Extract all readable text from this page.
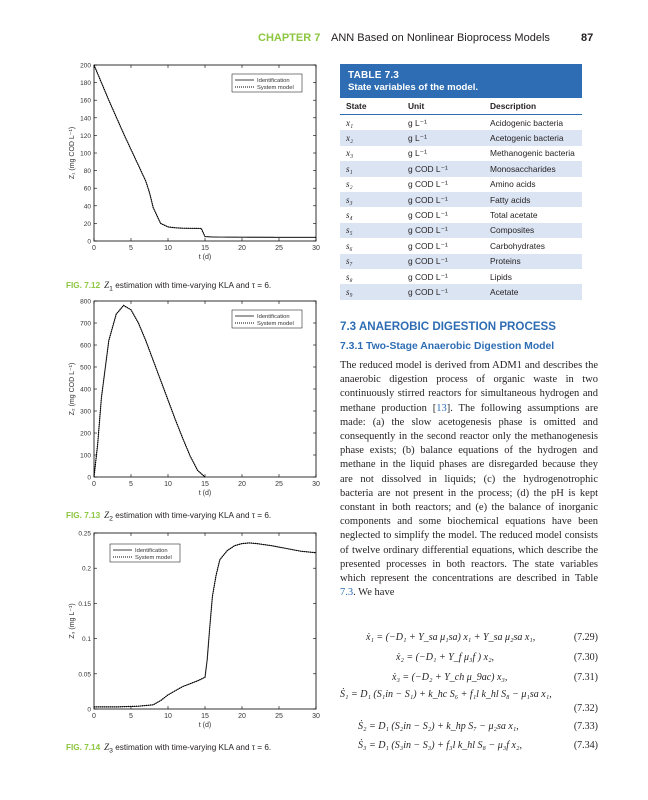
CHAPTER 7 ANN Based on Nonlinear Bioprocess Models	87
0	5	10	15	20	25	30
0
20
40
60
80
100
120
140
160
180
200
t (d)
Z₁ (mg COD L⁻¹)
Identification
System model
FIG. 7.12 $Z_1$ estimation with time-varying KLA and τ = 6.
0	5	10	15	20	25	30
0
100
200
300
400
500
600
700
800
t (d)
Z₂ (mg COD L⁻¹)
Identification
System model
FIG. 7.13 $Z_2$ estimation with time-varying KLA and τ = 6.
0	5	10	15	20	25	30
0
0.05
0.1
0.15
0.2
0.25
t (d)
Z₃ (mg L⁻¹)
Identification
System model
FIG. 7.14 $Z_3$ estimation with time-varying KLA and τ = 6.
TABLE 7.3
State variables of the model.
State	Unit	Description
x₁	g L⁻¹	Acidogenic bacteria
x₂	g L⁻¹	Acetogenic bacteria
x₃	g L⁻¹	Methanogenic bacteria
s₁	g COD L⁻¹	Monosaccharides
s₂	g COD L⁻¹	Amino acids
s₃	g COD L⁻¹	Fatty acids
s₄	g COD L⁻¹	Total acetate
s₅	g COD L⁻¹	Composites
s₆	g COD L⁻¹	Carbohydrates
s₇	g COD L⁻¹	Proteins
s₈	g COD L⁻¹	Lipids
s₉	g COD L⁻¹	Acetate
7.3 ANAEROBIC DIGESTION PROCESS
7.3.1 Two-Stage Anaerobic Digestion Model
The reduced model is derived from ADM1 and describes the anaerobic digestion process of organic waste in two continuously stirred reactors for simultaneous hydrogen and methane production [13]. The following assumptions are made: (a) the slow acetogenesis phase is omitted and consequently in the second reactor only the methanogenesis phase exists; (b) balance equations of the hydrogen and methane in the liquid phases are disregarded because they are not dissolved in liquids; (c) the hydrogenotrophic bacteria are not present in the process; (d) the pH is kept constant in both reactors; and (e) the balance of inorganic components and some biochemical equations have been neglected to simplify the model. The reduced model consists of twelve ordinary differential equations, which describe the presented processes in both reactors. The state variables which represent the concentrations are described in Table 7.3. We have
ẋ₁ = (−D₁ + Y_sa μ₁sa) x₁ + Y_sa μ₂sa x₁,	(7.29)
ẋ₂ = (−D₁ + Y_f μ₃f ) x₂,	(7.30)
ẋ₃ = (−D₂ + Y_ch μ_9ac) x₃,	(7.31)
Ṡ₁ = D₁ (S₁in − S₁) + k_hc S₆ + f₁l k_hl S₈ − μ₁sa x₁,
(7.32)
Ṡ₂ = D₁ (S₂in − S₂) + k_hp S₇ − μ₂sa x₁,	(7.33)
Ṡ₃ = D₁ (S₃in − S₃) + f₃l k_hl S₈ − μ₃f x₂,	(7.34)
